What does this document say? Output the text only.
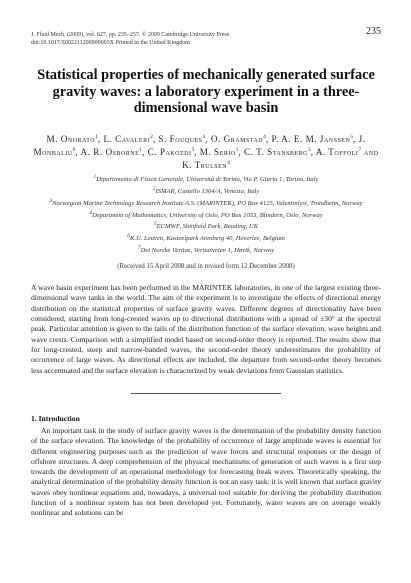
J. Fluid Mech. (2009), vol. 627, pp. 235–257. © 2009 Cambridge University Press
doi:10.1017/S002211200900603X Printed in the United Kingdom
235
Statistical properties of mechanically generated surface gravity waves: a laboratory experiment in a three-dimensional wave basin
M. Onorato$^1$, L. Cavaleri$^2$, S. Fouques$^3$, O. Gramstad$^4$, P. A. E. M. Janssen$^5$, J. Monbaliu$^6$, A. R. Osborne$^1$, C. Pakozdi$^3$, M. Serio$^1$, C. T. Stansberg$^3$, A. Toffoli$^7$ and K. Trulsen$^4$
$^1$Dipartimento di Fisica Generale, Università di Torino, Via P. Giuria 1, Torino, Italy
$^2$ISMAR, Castello 1364/A, Venezia, Italy
$^3$Norwegian Marine Technology Research Institute A.S. (MARINTEK), PO Box 4125, Valentinlyst, Trondheim, Norway
$^4$Department of Mathematics, University of Oslo, PO Box 1053, Blindern, Oslo, Norway
$^5$ECMWF, Shinfield Park, Reading, UK
$^6$K.U. Leuven, Kasteelpark Arenberg 40, Heverlee, Belgium
$^7$Det Norske Veritas, Veritasveien 1, Høvik, Norway
(Received 15 April 2008 and in revised form 12 December 2008)

A wave basin experiment has been performed in the MARINTEK laboratories, in one of the largest existing three-dimensional wave tanks in the world. The aim of the experiment is to investigate the effects of directional energy distribution on the statistical properties of surface gravity waves. Different degrees of directionality have been considered, starting from long-crested waves up to directional distributions with a spread of ±30° at the spectral peak. Particular attention is given to the tails of the distribution function of the surface elevation, wave heights and wave crests. Comparison with a simplified model based on second-order theory is reported. The results show that for long-crested, steep and narrow-banded waves, the second-order theory underestimates the probability of occurrence of large waves. As directional effects are included, the departure from second-order theory becomes less accentuated and the surface elevation is characterized by weak deviations from Gaussian statistics.

1. Introduction

An important task in the study of surface gravity waves is the determination of the probability density function of the surface elevation. The knowledge of the probability of occurrence of large amplitude waves is essential for different engineering purposes such as the prediction of wave forces and structural responses or the design of offshore structures. A deep comprehension of the physical mechanisms of generation of such waves is a first step towards the development of an operational methodology for forecasting freak waves. Theoretically speaking, the analytical determination of the probability density function is not an easy task: it is well known that surface gravity waves obey nonlinear equations and, nowadays, a universal tool suitable for deriving the probability distribution function of a nonlinear system has not been developed yet. Fortunately, water waves are on average weakly nonlinear and solutions can be
